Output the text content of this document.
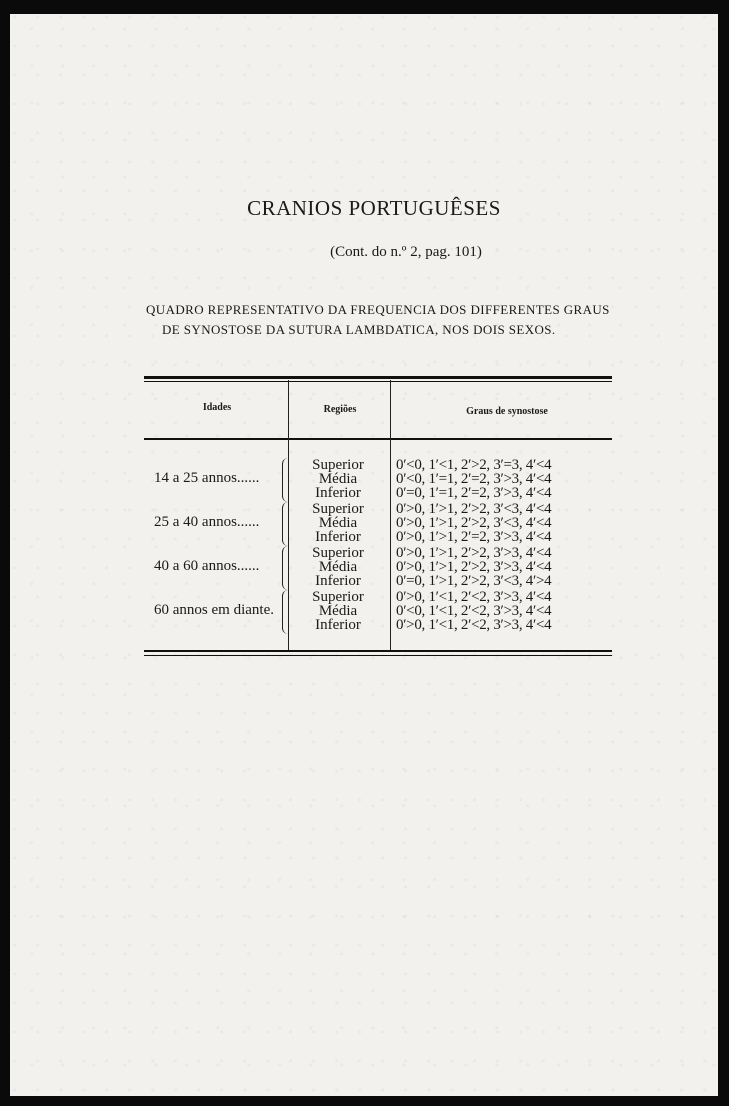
CRANIOS PORTUGUÊSES
(Cont. do n.º 2, pag. 101)
QUADRO REPRESENTATIVO DA FREQUENCIA DOS DIFFERENTES GRAUS
DE SYNOSTOSE DA SUTURA LAMBDATICA, NOS DOIS SEXOS.
Idades	Regiões	Graus de synostose
14 a 25 annos......
Superior	0′<0, 1′<1, 2′>2, 3′=3, 4′<4
Média	0′<0, 1′=1, 2′=2, 3′>3, 4′<4
Inferior	0′=0, 1′=1, 2′=2, 3′>3, 4′<4
25 a 40 annos......
Superior	0′>0, 1′>1, 2′>2, 3′<3, 4′<4
Média	0′>0, 1′>1, 2′>2, 3′<3, 4′<4
Inferior	0′>0, 1′>1, 2′=2, 3′>3, 4′<4
40 a 60 annos......
Superior	0′>0, 1′>1, 2′>2, 3′>3, 4′<4
Média	0′>0, 1′>1, 2′>2, 3′>3, 4′<4
Inferior	0′=0, 1′>1, 2′>2, 3′<3, 4′>4
60 annos em diante.
Superior	0′>0, 1′<1, 2′<2, 3′>3, 4′<4
Média	0′<0, 1′<1, 2′<2, 3′>3, 4′<4
Inferior	0′>0, 1′<1, 2′<2, 3′>3, 4′<4
